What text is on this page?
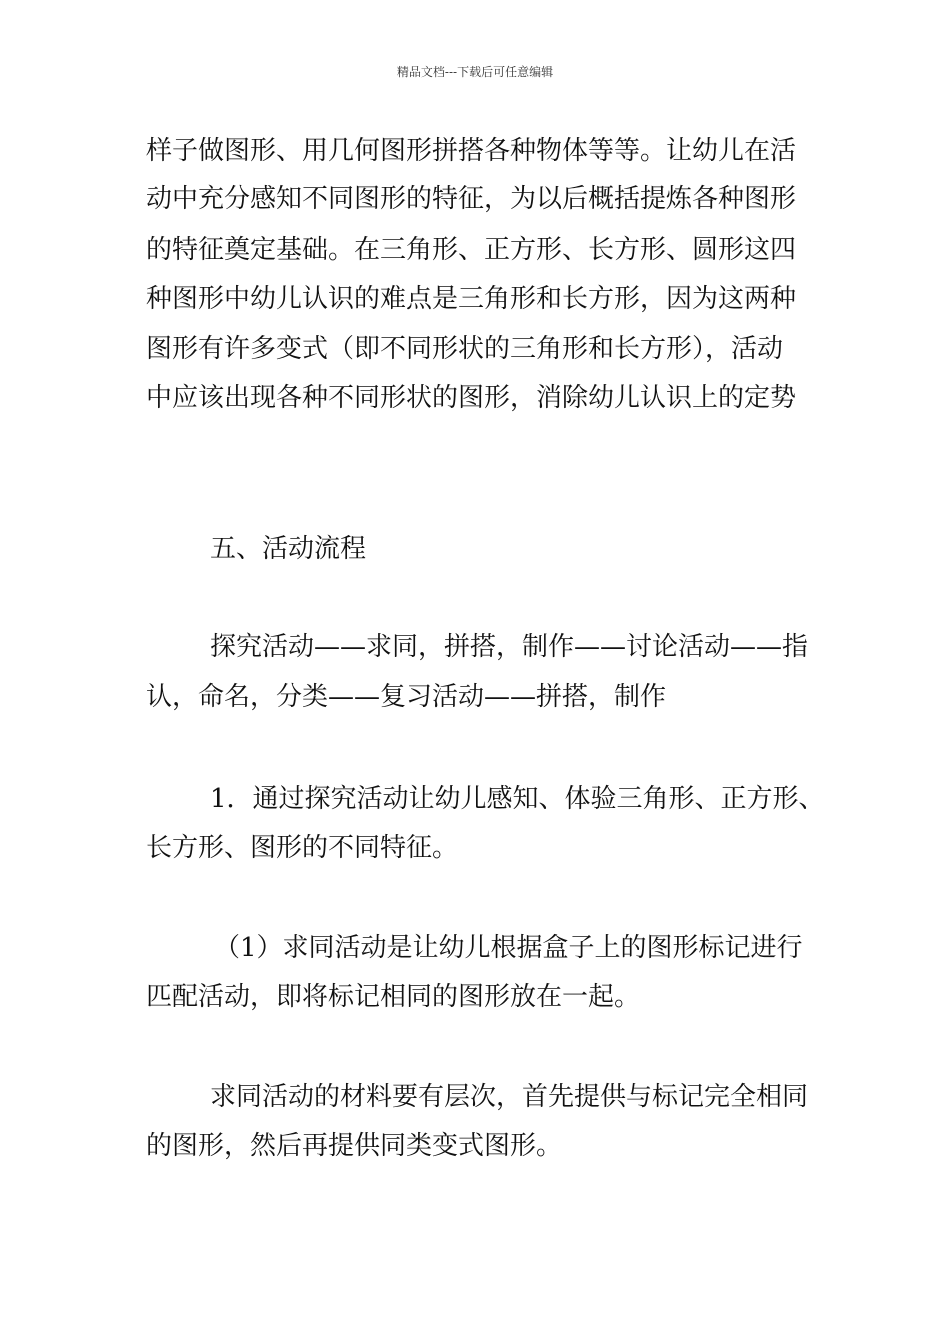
精品文档---下载后可任意编辑
样子做图形、用几何图形拼搭各种物体等等。让幼儿在活
动中充分感知不同图形的特征，为以后概括提炼各种图形
的特征奠定基础。在三角形、正方形、长方形、圆形这四
种图形中幼儿认识的难点是三角形和长方形，因为这两种
图形有许多变式（即不同形状的三角形和长方形），活动
中应该出现各种不同形状的图形，消除幼儿认识上的定势
五、活动流程
探究活动——求同，拼搭，制作——讨论活动——指
认，命名，分类——复习活动——拼搭，制作
1．通过探究活动让幼儿感知、体验三角形、正方形、
长方形、图形的不同特征。
（1）求同活动是让幼儿根据盒子上的图形标记进行
匹配活动，即将标记相同的图形放在一起。
求同活动的材料要有层次，首先提供与标记完全相同
的图形，然后再提供同类变式图形。
